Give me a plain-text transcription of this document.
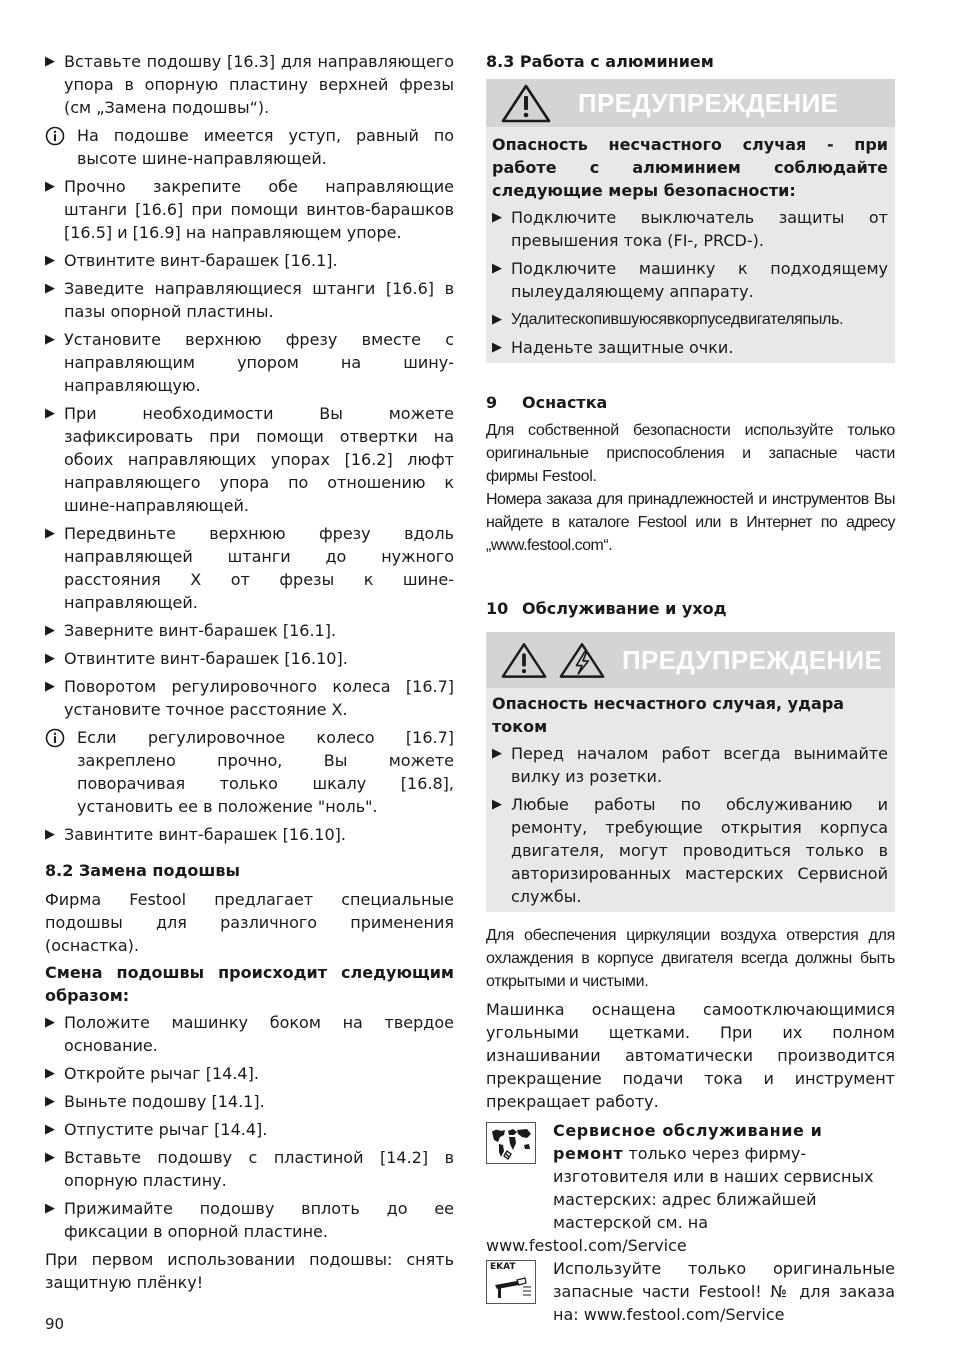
▶ Вставьте подошву [16.3] для направляющего упора в опорную пластину верхней фрезы (см „Замена подошвы“).
На подошве имеется уступ, равный по высоте шине-направляющей.
▶ Прочно закрепите обе направляющие штанги [16.6] при помощи винтов-барашков [16.5] и [16.9] на направляющем упоре.
▶ Отвинтите винт-барашек [16.1].
▶ Заведите направляющиеся штанги [16.6] в пазы опорной пластины.
▶ Установите верхнюю фрезу вместе с направляющим упором на шину-направляющую.
▶ При необходимости Вы можете зафиксировать при помощи отвертки на обоих направляющих упорах [16.2] люфт направляющего упора по отношению к шине-направляющей.
▶ Передвиньте верхнюю фрезу вдоль направляющей штанги до нужного расстояния X от фрезы к шине-направляющей.
▶ Заверните винт-барашек [16.1].
▶ Отвинтите винт-барашек [16.10].
▶ Поворотом регулировочного колеса [16.7] установите точное расстояние X.
Если регулировочное колесо [16.7] закреплено прочно, Вы можете поворачивая только шкалу [16.8], установить ее в положение "ноль".
▶ Завинтите винт-барашек [16.10].
8.2 Замена подошвы

Фирма Festool предлагает специальные подошвы для различного применения (оснастка).

Смена подошвы происходит следующим образом:

▶ Положите машинку боком на твердое основание.
▶ Откройте рычаг [14.4].
▶ Выньте подошву [14.1].
▶ Отпустите рычаг [14.4].
▶ Вставьте подошву с пластиной [14.2] в опорную пластину.
▶ Прижимайте подошву вплоть до ее фиксации в опорной пластине.

При первом использовании подошвы: снять защитную плёнку!

8.3 Работа с алюминием
ПРЕДУПРЕЖДЕНИЕ

Опасность несчастного случая - при работе с алюминием соблюдайте следующие меры безопасности:

▶ Подключите выключатель защиты от превышения тока (FI-, PRCD-).
▶ Подключите машинку к подходящему пылеудаляющему аппарату.
▶ Удалитескопившуюсявкорпуседвигателяпыль.
▶ Наденьте защитные очки.
9 Оснастка

Для собственной безопасности используйте только оригинальные приспособления и запасные части фирмы Festool.

Номера заказа для принадлежностей и инструментов Вы найдете в каталоге Festool или в Интернет по адресу „www.festool.com“.

10 Обслуживание и уход
ПРЕДУПРЕЖДЕНИЕ

Опасность несчастного случая, удара током

▶ Перед началом работ всегда вынимайте вилку из розетки.
▶ Любые работы по обслуживанию и ремонту, требующие открытия корпуса двигателя, могут проводиться только в авторизированных мастерских Сервисной службы.

Для обеспечения циркуляции воздуха отверстия для охлаждения в корпусе двигателя всегда должны быть открытыми и чистыми.

Машинка оснащена самоотключающимися угольными щетками. При их полном изнашивании автоматически производится прекращение подачи тока и инструмент прекращает работу.

Сервисное обслуживание и ремонт только через фирму- изготовителя или в наших сервисных мастерских: адрес ближайшей мастерской см. на

www.festool.com/Service

EKAT Используйте только оригинальные запасные части Festool! № для заказа на: www.festool.com/Service

90
